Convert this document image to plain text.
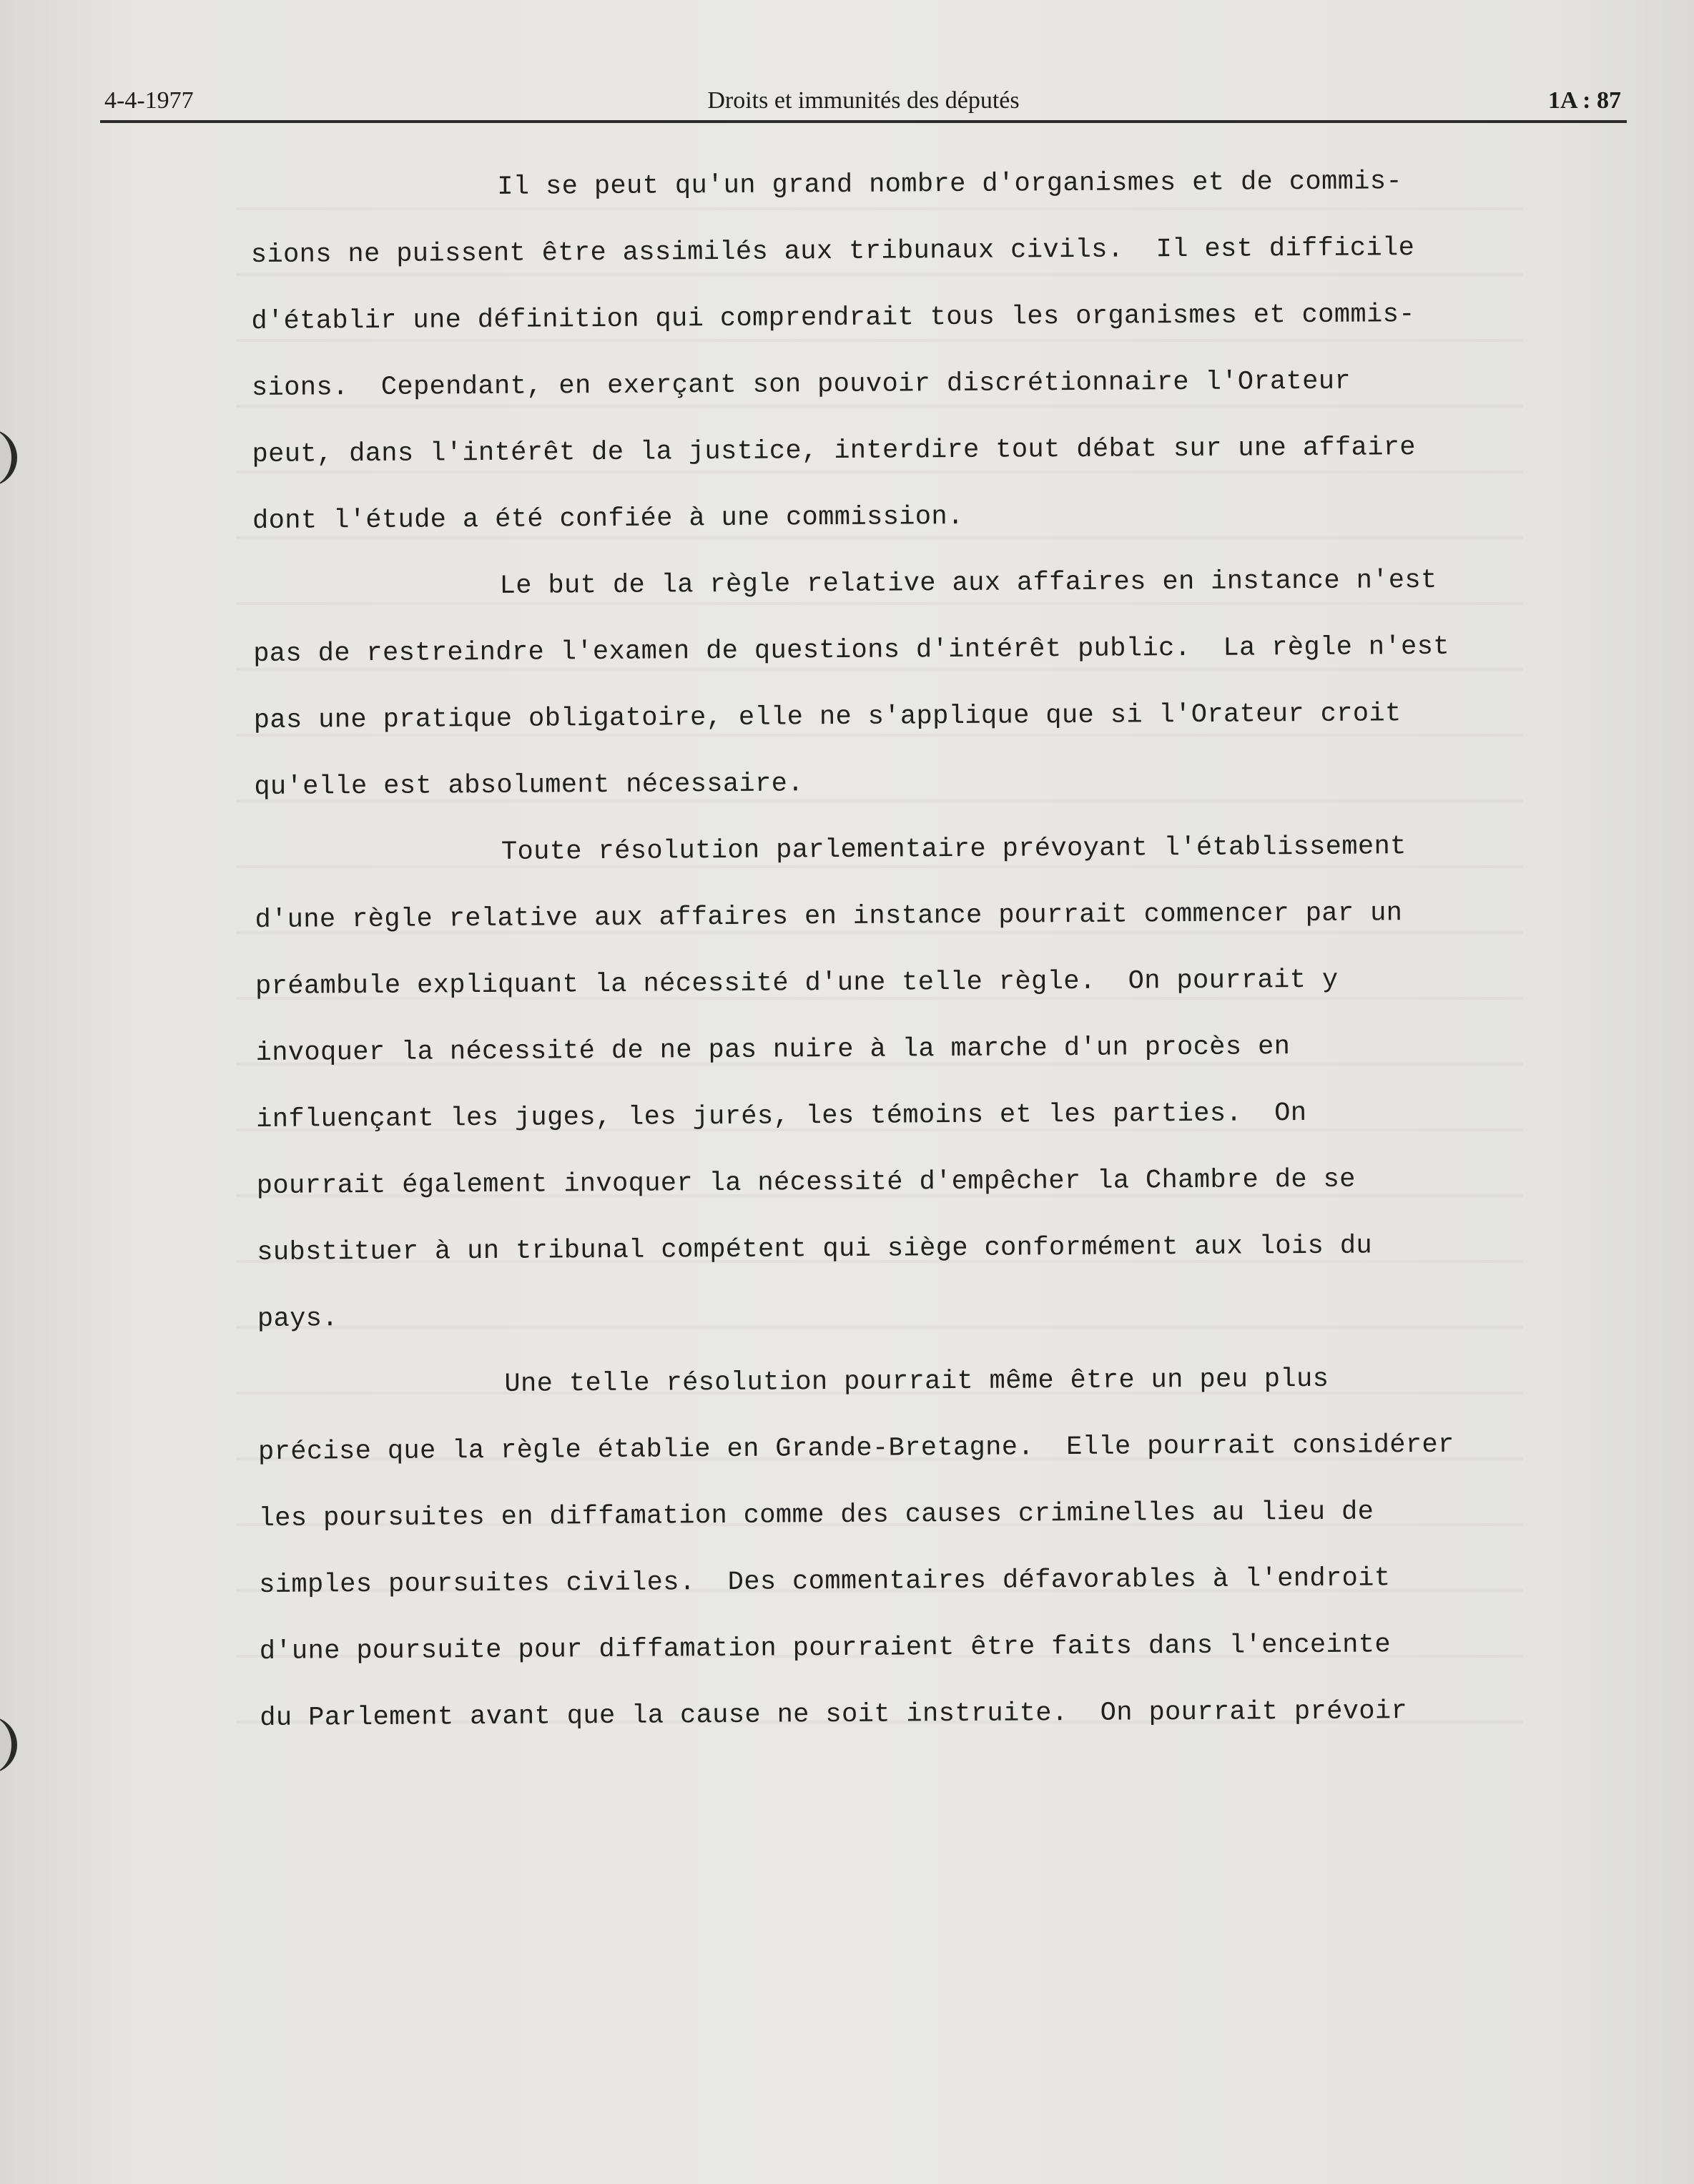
4-4-1977	Droits et immunités des députés	1A : 87
Il se peut qu'un grand nombre d'organismes et de commis-
sions ne puissent être assimilés aux tribunaux civils.  Il est difficile
d'établir une définition qui comprendrait tous les organismes et commis-
sions.  Cependant, en exerçant son pouvoir discrétionnaire l'Orateur
peut, dans l'intérêt de la justice, interdire tout débat sur une affaire
dont l'étude a été confiée à une commission.
Le but de la règle relative aux affaires en instance n'est
pas de restreindre l'examen de questions d'intérêt public.  La règle n'est
pas une pratique obligatoire, elle ne s'applique que si l'Orateur croit
qu'elle est absolument nécessaire.
Toute résolution parlementaire prévoyant l'établissement
d'une règle relative aux affaires en instance pourrait commencer par un
préambule expliquant la nécessité d'une telle règle.  On pourrait y
invoquer la nécessité de ne pas nuire à la marche d'un procès en
influençant les juges, les jurés, les témoins et les parties.  On
pourrait également invoquer la nécessité d'empêcher la Chambre de se
substituer à un tribunal compétent qui siège conformément aux lois du
pays.
Une telle résolution pourrait même être un peu plus
précise que la règle établie en Grande-Bretagne.  Elle pourrait considérer
les poursuites en diffamation comme des causes criminelles au lieu de
simples poursuites civiles.  Des commentaires défavorables à l'endroit
d'une poursuite pour diffamation pourraient être faits dans l'enceinte
du Parlement avant que la cause ne soit instruite.  On pourrait prévoir
